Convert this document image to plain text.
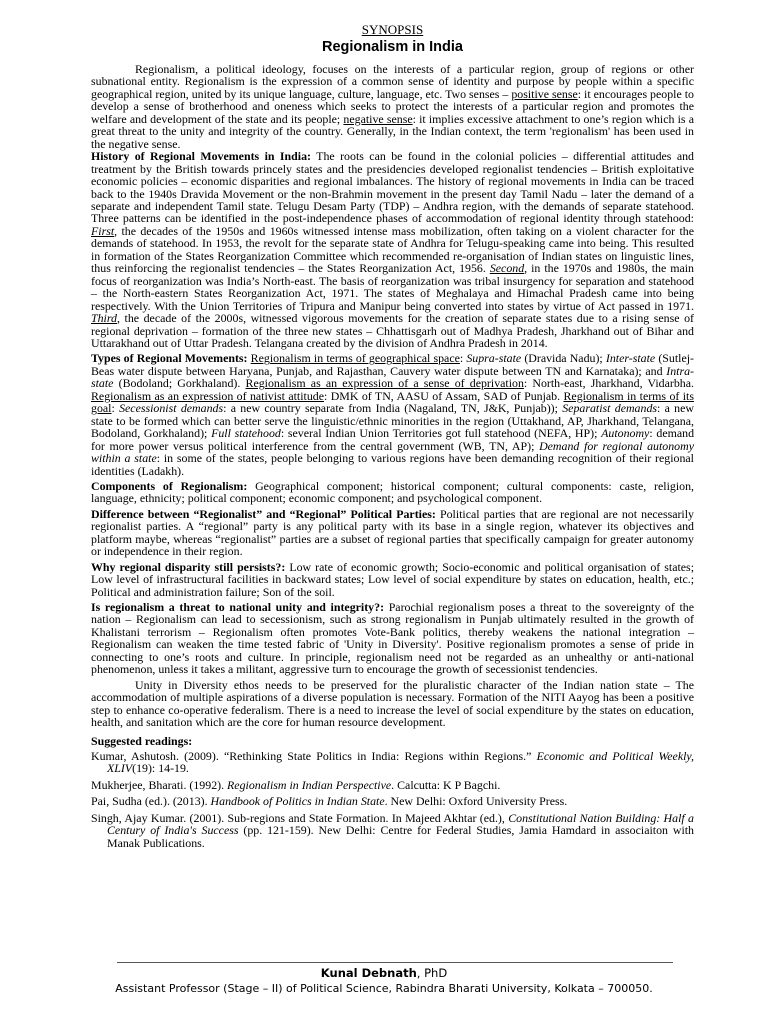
SYNOPSIS
Regionalism in India

Regionalism, a political ideology, focuses on the interests of a particular region, group of regions or other subnational entity. Regionalism is the expression of a common sense of identity and purpose by people within a specific geographical region, united by its unique language, culture, language, etc. Two senses – positive sense: it encourages people to develop a sense of brotherhood and oneness which seeks to protect the interests of a particular region and promotes the welfare and development of the state and its people; negative sense: it implies excessive attachment to one’s region which is a great threat to the unity and integrity of the country. Generally, in the Indian context, the term 'regionalism' has been used in the negative sense.

History of Regional Movements in India: The roots can be found in the colonial policies – differential attitudes and treatment by the British towards princely states and the presidencies developed regionalist tendencies – British exploitative economic policies – economic disparities and regional imbalances. The history of regional movements in India can be traced back to the 1940s Dravida Movement or the non-Brahmin movement in the present day Tamil Nadu – later the demand of a separate and independent Tamil state. Telugu Desam Party (TDP) – Andhra region, with the demands of separate statehood. Three patterns can be identified in the post-independence phases of accommodation of regional identity through statehood: First, the decades of the 1950s and 1960s witnessed intense mass mobilization, often taking on a violent character for the demands of statehood. In 1953, the revolt for the separate state of Andhra for Telugu-speaking came into being. This resulted in formation of the States Reorganization Committee which recommended re-organisation of Indian states on linguistic lines, thus reinforcing the regionalist tendencies – the States Reorganization Act, 1956. Second, in the 1970s and 1980s, the main focus of reorganization was India’s North-east. The basis of reorganization was tribal insurgency for separation and statehood – the North-eastern States Reorganization Act, 1971. The states of Meghalaya and Himachal Pradesh came into being respectively. With the Union Territories of Tripura and Manipur being converted into states by virtue of Act passed in 1971. Third, the decade of the 2000s, witnessed vigorous movements for the creation of separate states due to a rising sense of regional deprivation – formation of the three new states – Chhattisgarh out of Madhya Pradesh, Jharkhand out of Bihar and Uttarakhand out of Uttar Pradesh. Telangana created by the division of Andhra Pradesh in 2014.

Types of Regional Movements: Regionalism in terms of geographical space: Supra-state (Dravida Nadu); Inter-state (Sutlej-Beas water dispute between Haryana, Punjab, and Rajasthan, Cauvery water dispute between TN and Karnataka); and Intra-state (Bodoland; Gorkhaland). Regionalism as an expression of a sense of deprivation: North-east, Jharkhand, Vidarbha. Regionalism as an expression of nativist attitude: DMK of TN, AASU of Assam, SAD of Punjab. Regionalism in terms of its goal: Secessionist demands: a new country separate from India (Nagaland, TN, J&K, Punjab)); Separatist demands: a new state to be formed which can better serve the linguistic/ethnic minorities in the region (Uttakhand, AP, Jharkhand, Telangana, Bodoland, Gorkhaland); Full statehood: several Indian Union Territories got full statehood (NEFA, HP); Autonomy: demand for more power versus political interference from the central government (WB, TN, AP); Demand for regional autonomy within a state: in some of the states, people belonging to various regions have been demanding recognition of their regional identities (Ladakh).

Components of Regionalism: Geographical component; historical component; cultural components: caste, religion, language, ethnicity; political component; economic component; and psychological component.

Difference between “Regionalist” and “Regional” Political Parties: Political parties that are regional are not necessarily regionalist parties. A “regional” party is any political party with its base in a single region, whatever its objectives and platform maybe, whereas “regionalist” parties are a subset of regional parties that specifically campaign for greater autonomy or independence in their region.

Why regional disparity still persists?: Low rate of economic growth; Socio-economic and political organisation of states; Low level of infrastructural facilities in backward states; Low level of social expenditure by states on education, health, etc.; Political and administration failure; Son of the soil.

Is regionalism a threat to national unity and integrity?: Parochial regionalism poses a threat to the sovereignty of the nation – Regionalism can lead to secessionism, such as strong regionalism in Punjab ultimately resulted in the growth of Khalistani terrorism – Regionalism often promotes Vote-Bank politics, thereby weakens the national integration – Regionalism can weaken the time tested fabric of 'Unity in Diversity'. Positive regionalism promotes a sense of pride in connecting to one’s roots and culture. In principle, regionalism need not be regarded as an unhealthy or anti-national phenomenon, unless it takes a militant, aggressive turn to encourage the growth of secessionist tendencies.

Unity in Diversity ethos needs to be preserved for the pluralistic character of the Indian nation state – The accommodation of multiple aspirations of a diverse population is necessary. Formation of the NITI Aayog has been a positive step to enhance co-operative federalism. There is a need to increase the level of social expenditure by the states on education, health, and sanitation which are the core for human resource development.

Suggested readings:

Kumar, Ashutosh. (2009). “Rethinking State Politics in India: Regions within Regions.” Economic and Political Weekly, XLIV(19): 14-19.

Mukherjee, Bharati. (1992). Regionalism in Indian Perspective. Calcutta: K P Bagchi.

Pai, Sudha (ed.). (2013). Handbook of Politics in Indian State. New Delhi: Oxford University Press.

Singh, Ajay Kumar. (2001). Sub-regions and State Formation. In Majeed Akhtar (ed.), Constitutional Nation Building: Half a Century of India's Success (pp. 121-159). New Delhi: Centre for Federal Studies, Jamia Hamdard in associaiton with Manak Publications.

Kunal Debnath, PhD
Assistant Professor (Stage – II) of Political Science, Rabindra Bharati University, Kolkata – 700050.
